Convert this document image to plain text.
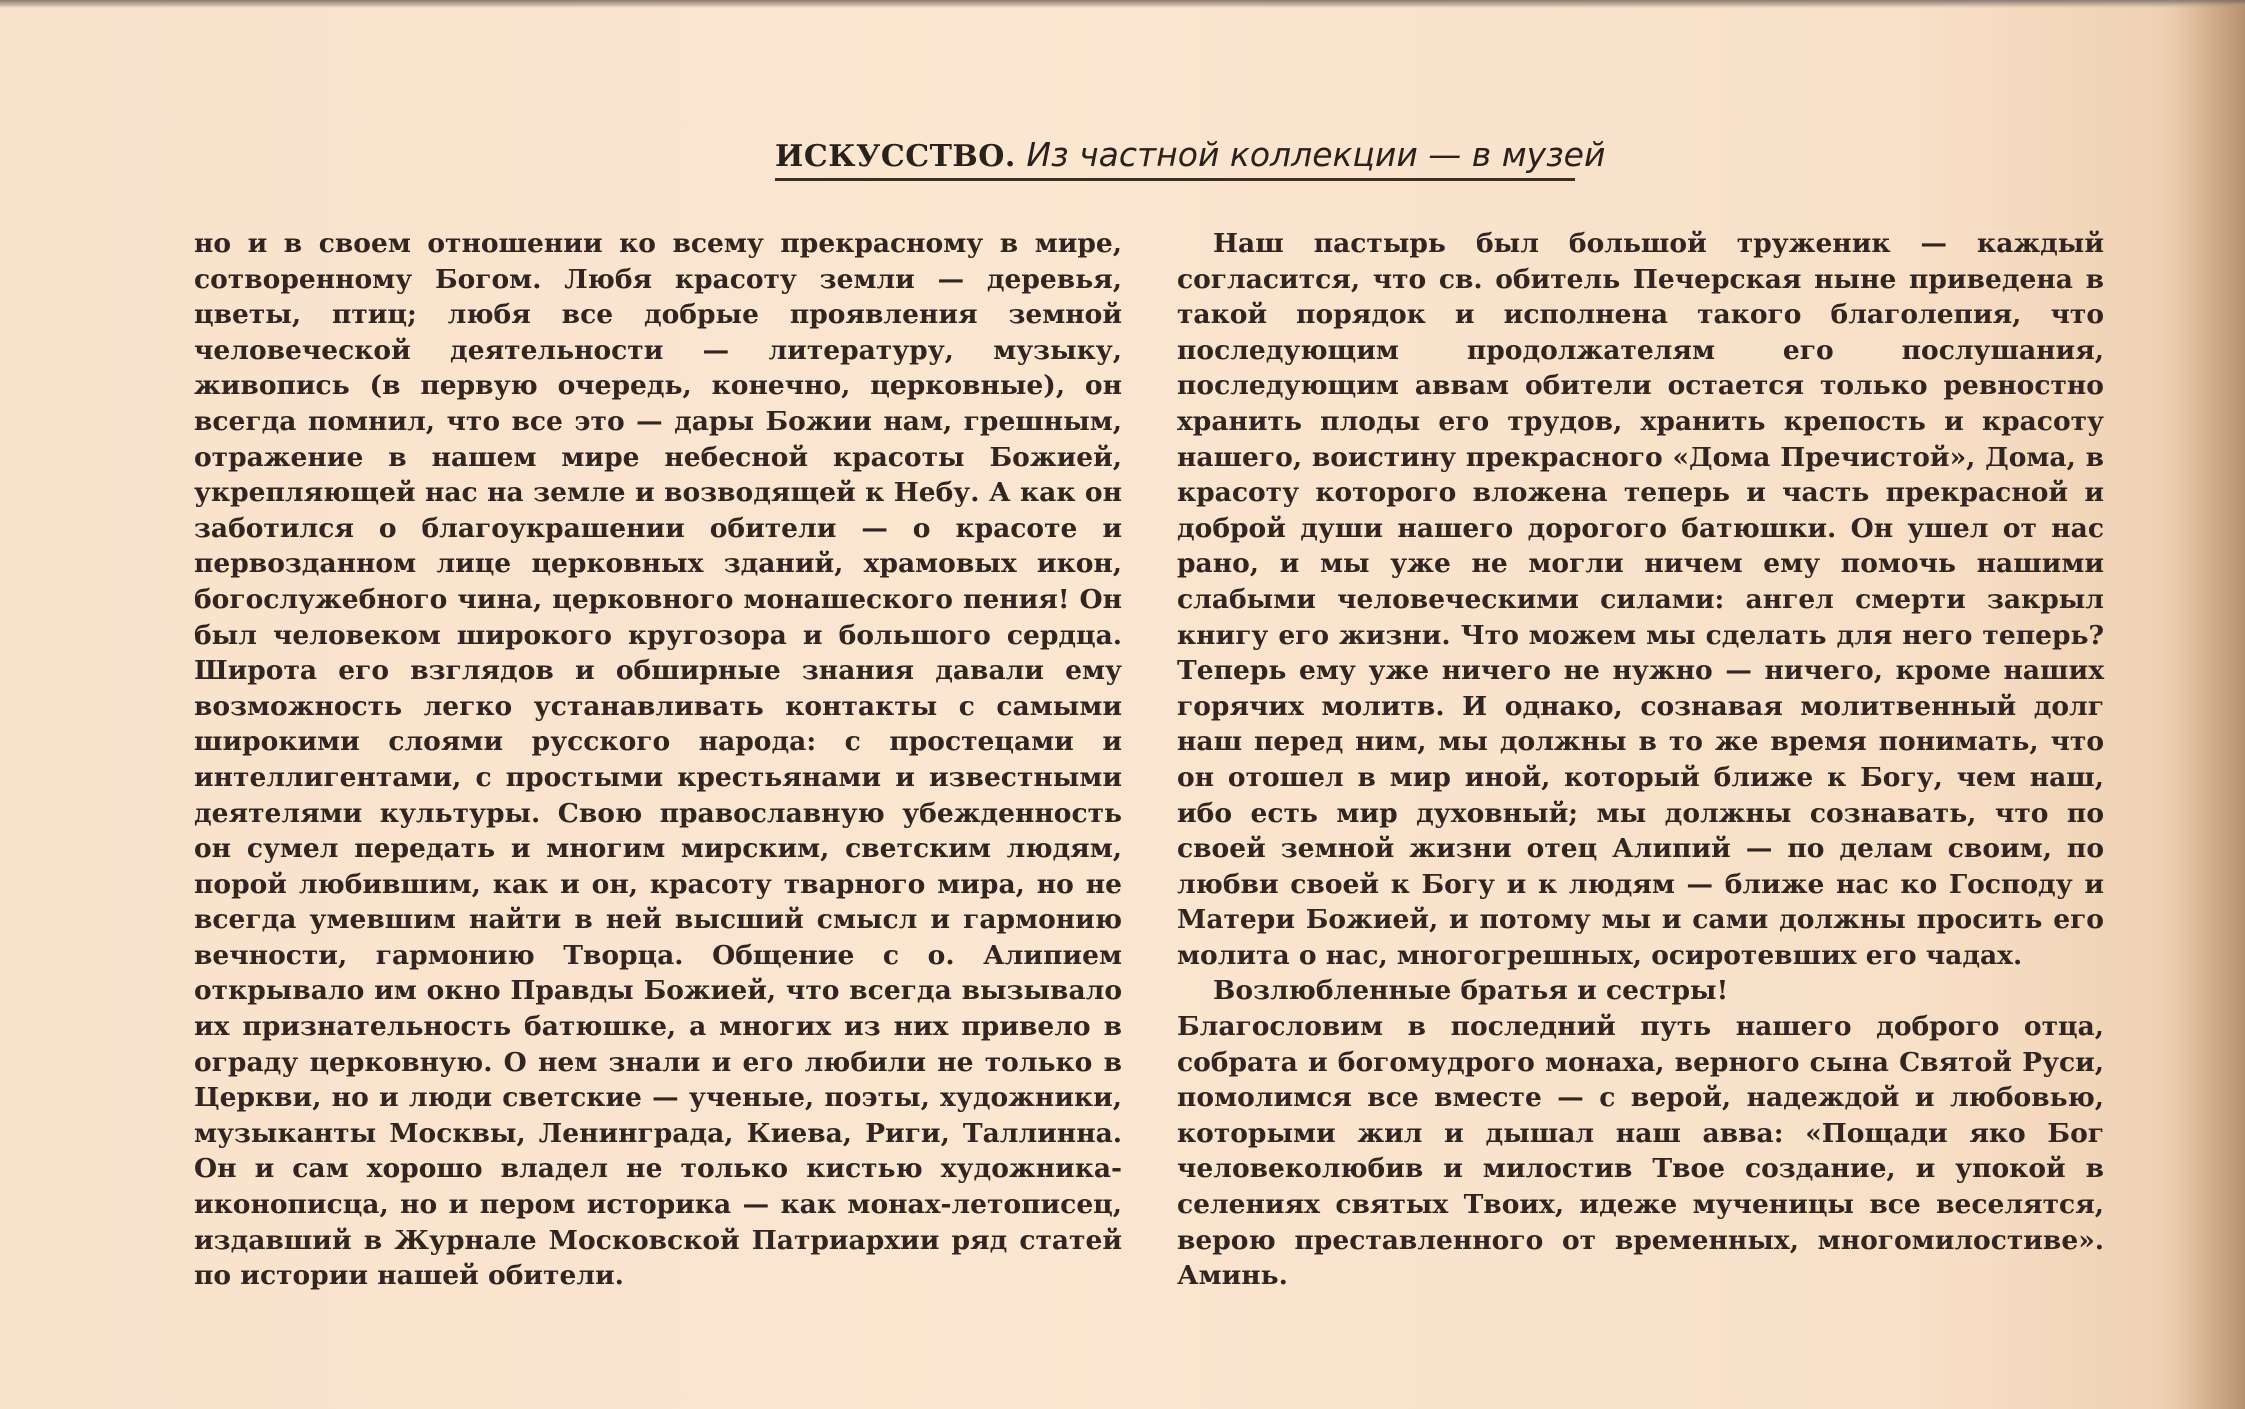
ИСКУССТВО. Из частной коллекции — в музей

но и в своем отношении ко всему прекрасному в мире, сотворенному Богом. Любя красоту земли — деревья, цветы, птиц; любя все добрые проявления земной человеческой деятельности — литературу, музыку, живопись (в первую очередь, конечно, церковные), он всегда помнил, что все это — дары Божии нам, грешным, отражение в нашем мире небесной красоты Божией, укрепляющей нас на земле и возводящей к Небу. А как он заботился о благоукрашении обители — о красоте и первозданном лице церковных зданий, храмовых икон, богослужебного чина, церковного монашеского пения! Он был человеком широкого кругозора и большого сердца. Широта его взглядов и обширные знания давали ему возможность легко устанавливать контакты с самыми широкими слоями русского народа: с простецами и интеллигентами, с простыми крестьянами и известными деятелями культуры. Свою православную убежденность он сумел передать и многим мирским, светским людям, порой любившим, как и он, красоту тварного мира, но не всегда умевшим найти в ней высший смысл и гармонию вечности, гармонию Творца. Общение с о. Алипием открывало им окно Правды Божией, что всегда вызывало их признательность батюшке, а многих из них привело в ограду церковную. О нем знали и его любили не только в Церкви, но и люди светские — ученые, поэты, художники, музыканты Москвы, Ленинграда, Киева, Риги, Таллинна. Он и сам хорошо владел не только кистью художника-иконописца, но и пером историка — как монах-летописец, издавший в Журнале Московской Патриархии ряд статей по истории нашей обители.

Наш пастырь был большой труженик — каждый согласится, что св. обитель Печерская ныне приведена в такой порядок и исполнена такого благолепия, что последующим продолжателям его послушания, последующим аввам обители остается только ревностно хранить плоды его трудов, хранить крепость и красоту нашего, воистину прекрасного «Дома Пречистой», Дома, в красоту которого вложена теперь и часть прекрасной и доброй души нашего дорогого батюшки. Он ушел от нас рано, и мы уже не могли ничем ему помочь нашими слабыми человеческими силами: ангел смерти закрыл книгу его жизни. Что можем мы сделать для него теперь? Теперь ему уже ничего не нужно — ничего, кроме наших горячих молитв. И однако, сознавая молитвенный долг наш перед ним, мы должны в то же время понимать, что он отошел в мир иной, который ближе к Богу, чем наш, ибо есть мир духовный; мы должны сознавать, что по своей земной жизни отец Алипий — по делам своим, по любви своей к Богу и к людям — ближе нас ко Господу и Матери Божией, и потому мы и сами должны просить его молита о нас, многогрешных, осиротевших его чадах.

Возлюбленные братья и сестры!

Благословим в последний путь нашего доброго отца, собрата и богомудрого монаха, верного сына Святой Руси, помолимся все вместе — с верой, надеждой и любовью, которыми жил и дышал наш авва: «Пощади яко Бог человеколюбив и милостив Твое создание, и упокой в селениях святых Твоих, идеже мученицы все веселятся, верою преставленного от временных, многомилостиве». Аминь.
